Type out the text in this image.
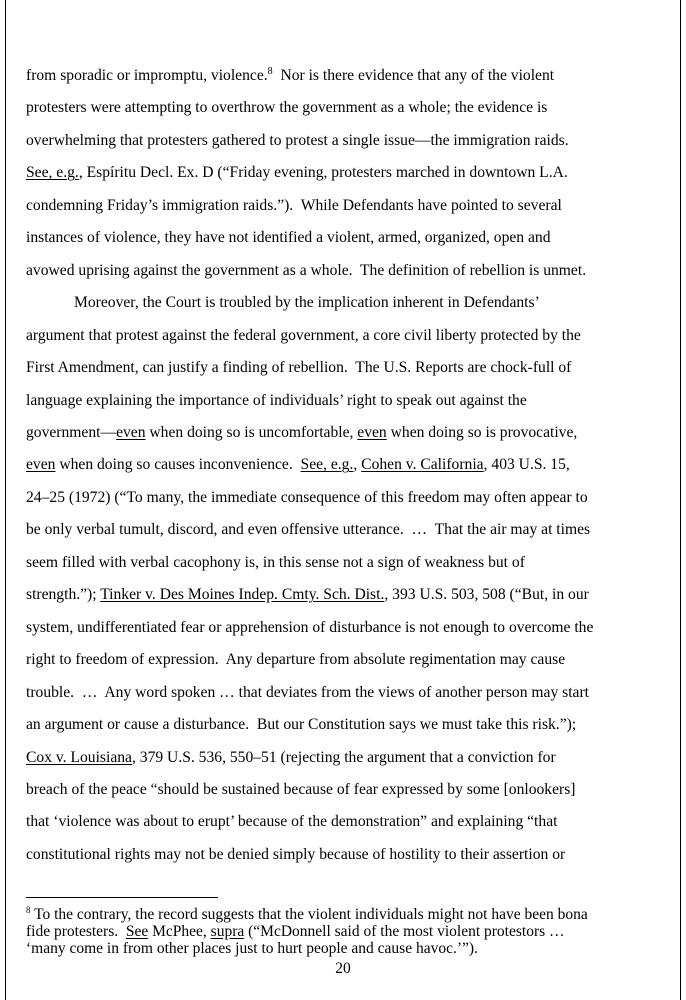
from sporadic or impromptu, violence.$^8$  Nor is there evidence that any of the violent
protesters were attempting to overthrow the government as a whole; the evidence is
overwhelming that protesters gathered to protest a single issue—the immigration raids.
See, e.g., Espíritu Decl. Ex. D (“Friday evening, protesters marched in downtown L.A.
condemning Friday’s immigration raids.”).  While Defendants have pointed to several
instances of violence, they have not identified a violent, armed, organized, open and
avowed uprising against the government as a whole.  The definition of rebellion is unmet.

Moreover, the Court is troubled by the implication inherent in Defendants’
argument that protest against the federal government, a core civil liberty protected by the
First Amendment, can justify a finding of rebellion.  The U.S. Reports are chock-full of
language explaining the importance of individuals’ right to speak out against the
government—even when doing so is uncomfortable, even when doing so is provocative,
even when doing so causes inconvenience.  See, e.g., Cohen v. California, 403 U.S. 15,
24–25 (1972) (“To many, the immediate consequence of this freedom may often appear to
be only verbal tumult, discord, and even offensive utterance.  …  That the air may at times
seem filled with verbal cacophony is, in this sense not a sign of weakness but of
strength.”); Tinker v. Des Moines Indep. Cmty. Sch. Dist., 393 U.S. 503, 508 (“But, in our
system, undifferentiated fear or apprehension of disturbance is not enough to overcome the
right to freedom of expression.  Any departure from absolute regimentation may cause
trouble.  …  Any word spoken … that deviates from the views of another person may start
an argument or cause a disturbance.  But our Constitution says we must take this risk.”);
Cox v. Louisiana, 379 U.S. 536, 550–51 (rejecting the argument that a conviction for
breach of the peace “should be sustained because of fear expressed by some [onlookers]
that ‘violence was about to erupt’ because of the demonstration” and explaining “that
constitutional rights may not be denied simply because of hostility to their assertion or

$^8$ To the contrary, the record suggests that the violent individuals might not have been bona
fide protesters.  See McPhee, supra (“McDonnell said of the most violent protestors …
‘many come in from other places just to hurt people and cause havoc.’”).
20
